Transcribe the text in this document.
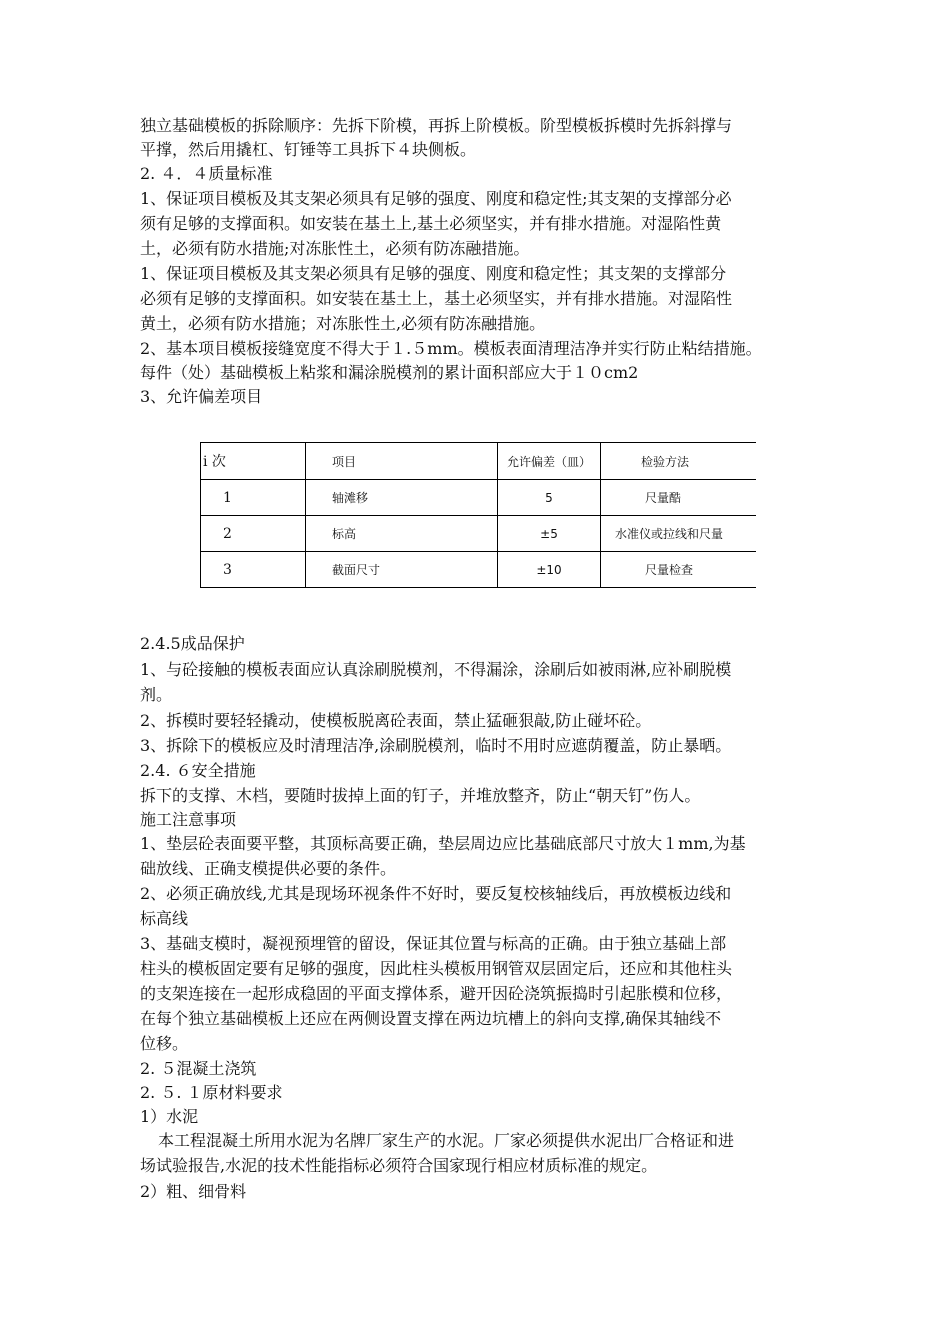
独立基础模板的拆除顺序：先拆下阶模，再拆上阶模板。阶型模板拆模时先拆斜撑与
平撑，然后用撬杠、钉锤等工具拆下４块侧板。
2. ４．４质量标准
1、保证项目模板及其支架必须具有足够的强度、刚度和稳定性;其支架的支撑部分必
须有足够的支撑面积。如安装在基土上,基土必须坚实，并有排水措施。对湿陷性黄
土，必须有防水措施;对冻胀性土，必须有防冻融措施。
1、保证项目模板及其支架必须具有足够的强度、刚度和稳定性；其支架的支撑部分
必须有足够的支撑面积。如安装在基土上，基土必须坚实，并有排水措施。对湿陷性
黄土，必须有防水措施；对冻胀性土,必须有防冻融措施。
2、基本项目模板接缝宽度不得大于１.５mm。模板表面清理洁净并实行防止粘结措施。
每件（处）基础模板上粘浆和漏涂脱模剂的累计面积部应大于１０cm2
3、允许偏差项目
i 次	项目	允许偏差（皿）	检验方法
1	轴滩移	5	尺量酷
2	标高	±5	水准仪或拉线和尺量
3	截面尺寸	±10	尺量检查
2.4.5成品保护
1、与砼接触的模板表面应认真涂刷脱模剂，不得漏涂，涂刷后如被雨淋,应补刷脱模
剂。
2、拆模时要轻轻撬动，使模板脱离砼表面，禁止猛砸狠敲,防止碰坏砼。
3、拆除下的模板应及时清理洁净,涂刷脱模剂，临时不用时应遮荫覆盖，防止暴晒。
2.4. ６安全措施
拆下的支撑、木档，要随时拔掉上面的钉子，并堆放整齐，防止“朝天钉”伤人。
施工注意事项
1、垫层砼表面要平整，其顶标高要正确，垫层周边应比基础底部尺寸放大１mm,为基
础放线、正确支模提供必要的条件。
2、必须正确放线,尤其是现场环视条件不好时，要反复校核轴线后，再放模板边线和
标高线
3、基础支模时，凝视预埋管的留设，保证其位置与标高的正确。由于独立基础上部
柱头的模板固定要有足够的强度，因此柱头模板用钢管双层固定后，还应和其他柱头
的支架连接在一起形成稳固的平面支撑体系，避开因砼浇筑振捣时引起胀模和位移，
在每个独立基础模板上还应在两侧设置支撑在两边坑槽上的斜向支撑,确保其轴线不
位移。
2. ５混凝土浇筑
2. ５. １原材料要求
1）水泥
本工程混凝土所用水泥为名牌厂家生产的水泥。厂家必须提供水泥出厂合格证和进
场试验报告,水泥的技术性能指标必须符合国家现行相应材质标准的规定。
2）粗、细骨料
